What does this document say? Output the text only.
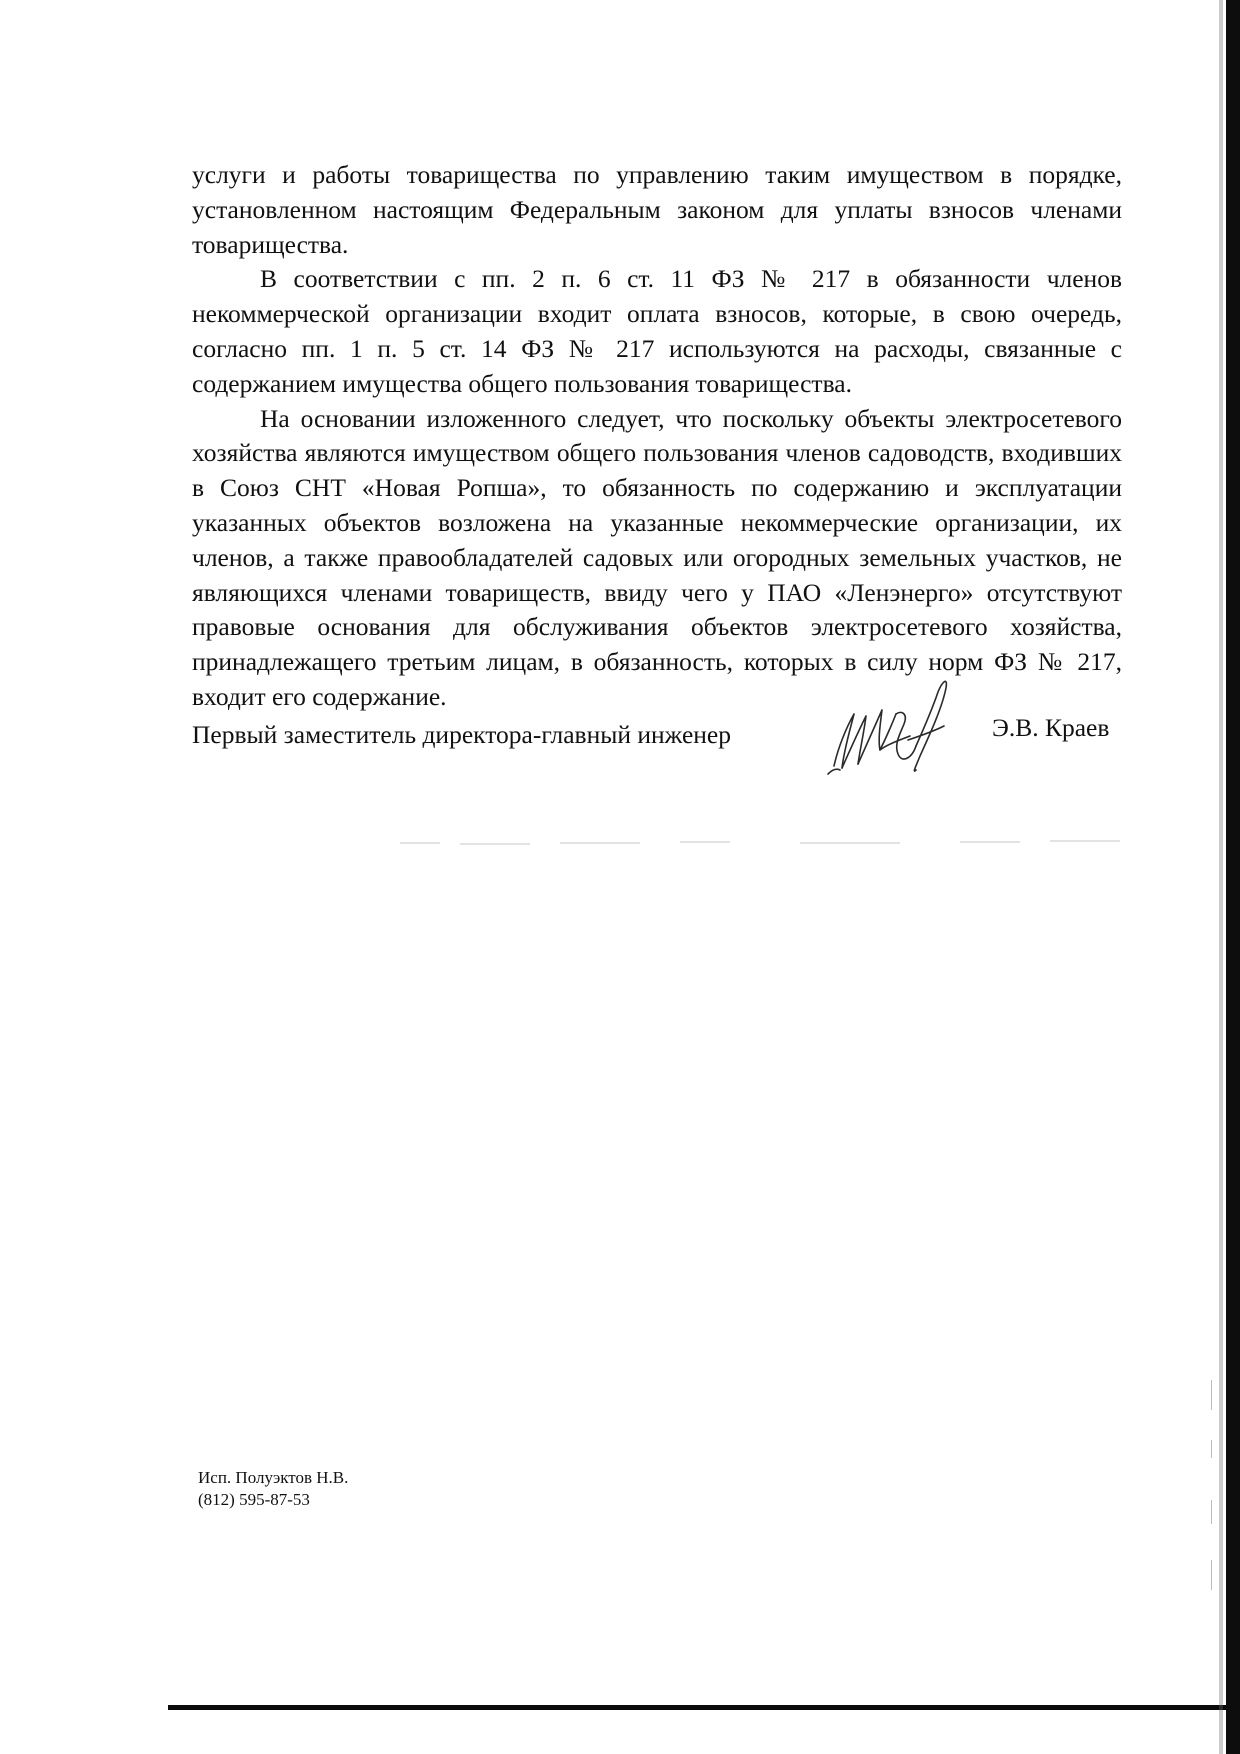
услуги и работы товарищества по управлению таким имуществом в порядке, установленном настоящим Федеральным законом для уплаты взносов членами товарищества.

В соответствии с пп. 2 п. 6 ст. 11 ФЗ № 217 в обязанности членов некоммерческой организации входит оплата взносов, которые, в свою очередь, согласно пп. 1 п. 5 ст. 14 ФЗ № 217 используются на расходы, связанные с содержанием имущества общего пользования товарищества.

На основании изложенного следует, что поскольку объекты электросетевого хозяйства являются имуществом общего пользования членов садоводств, входивших в Союз СНТ «Новая Ропша», то обязанность по содержанию и эксплуатации указанных объектов возложена на указанные некоммерческие организации, их членов, а также правообладателей садовых или огородных земельных участков, не являющихся членами товариществ, ввиду чего у ПАО «Ленэнерго» отсутствуют правовые основания для обслуживания объектов электросетевого хозяйства, принадлежащего третьим лицам, в обязанность, которых в силу норм ФЗ № 217, входит его содержание.

Первый заместитель директора-главный инженер	Э.В. Краев
Исп. Полуэктов Н.В.
(812) 595-87-53
